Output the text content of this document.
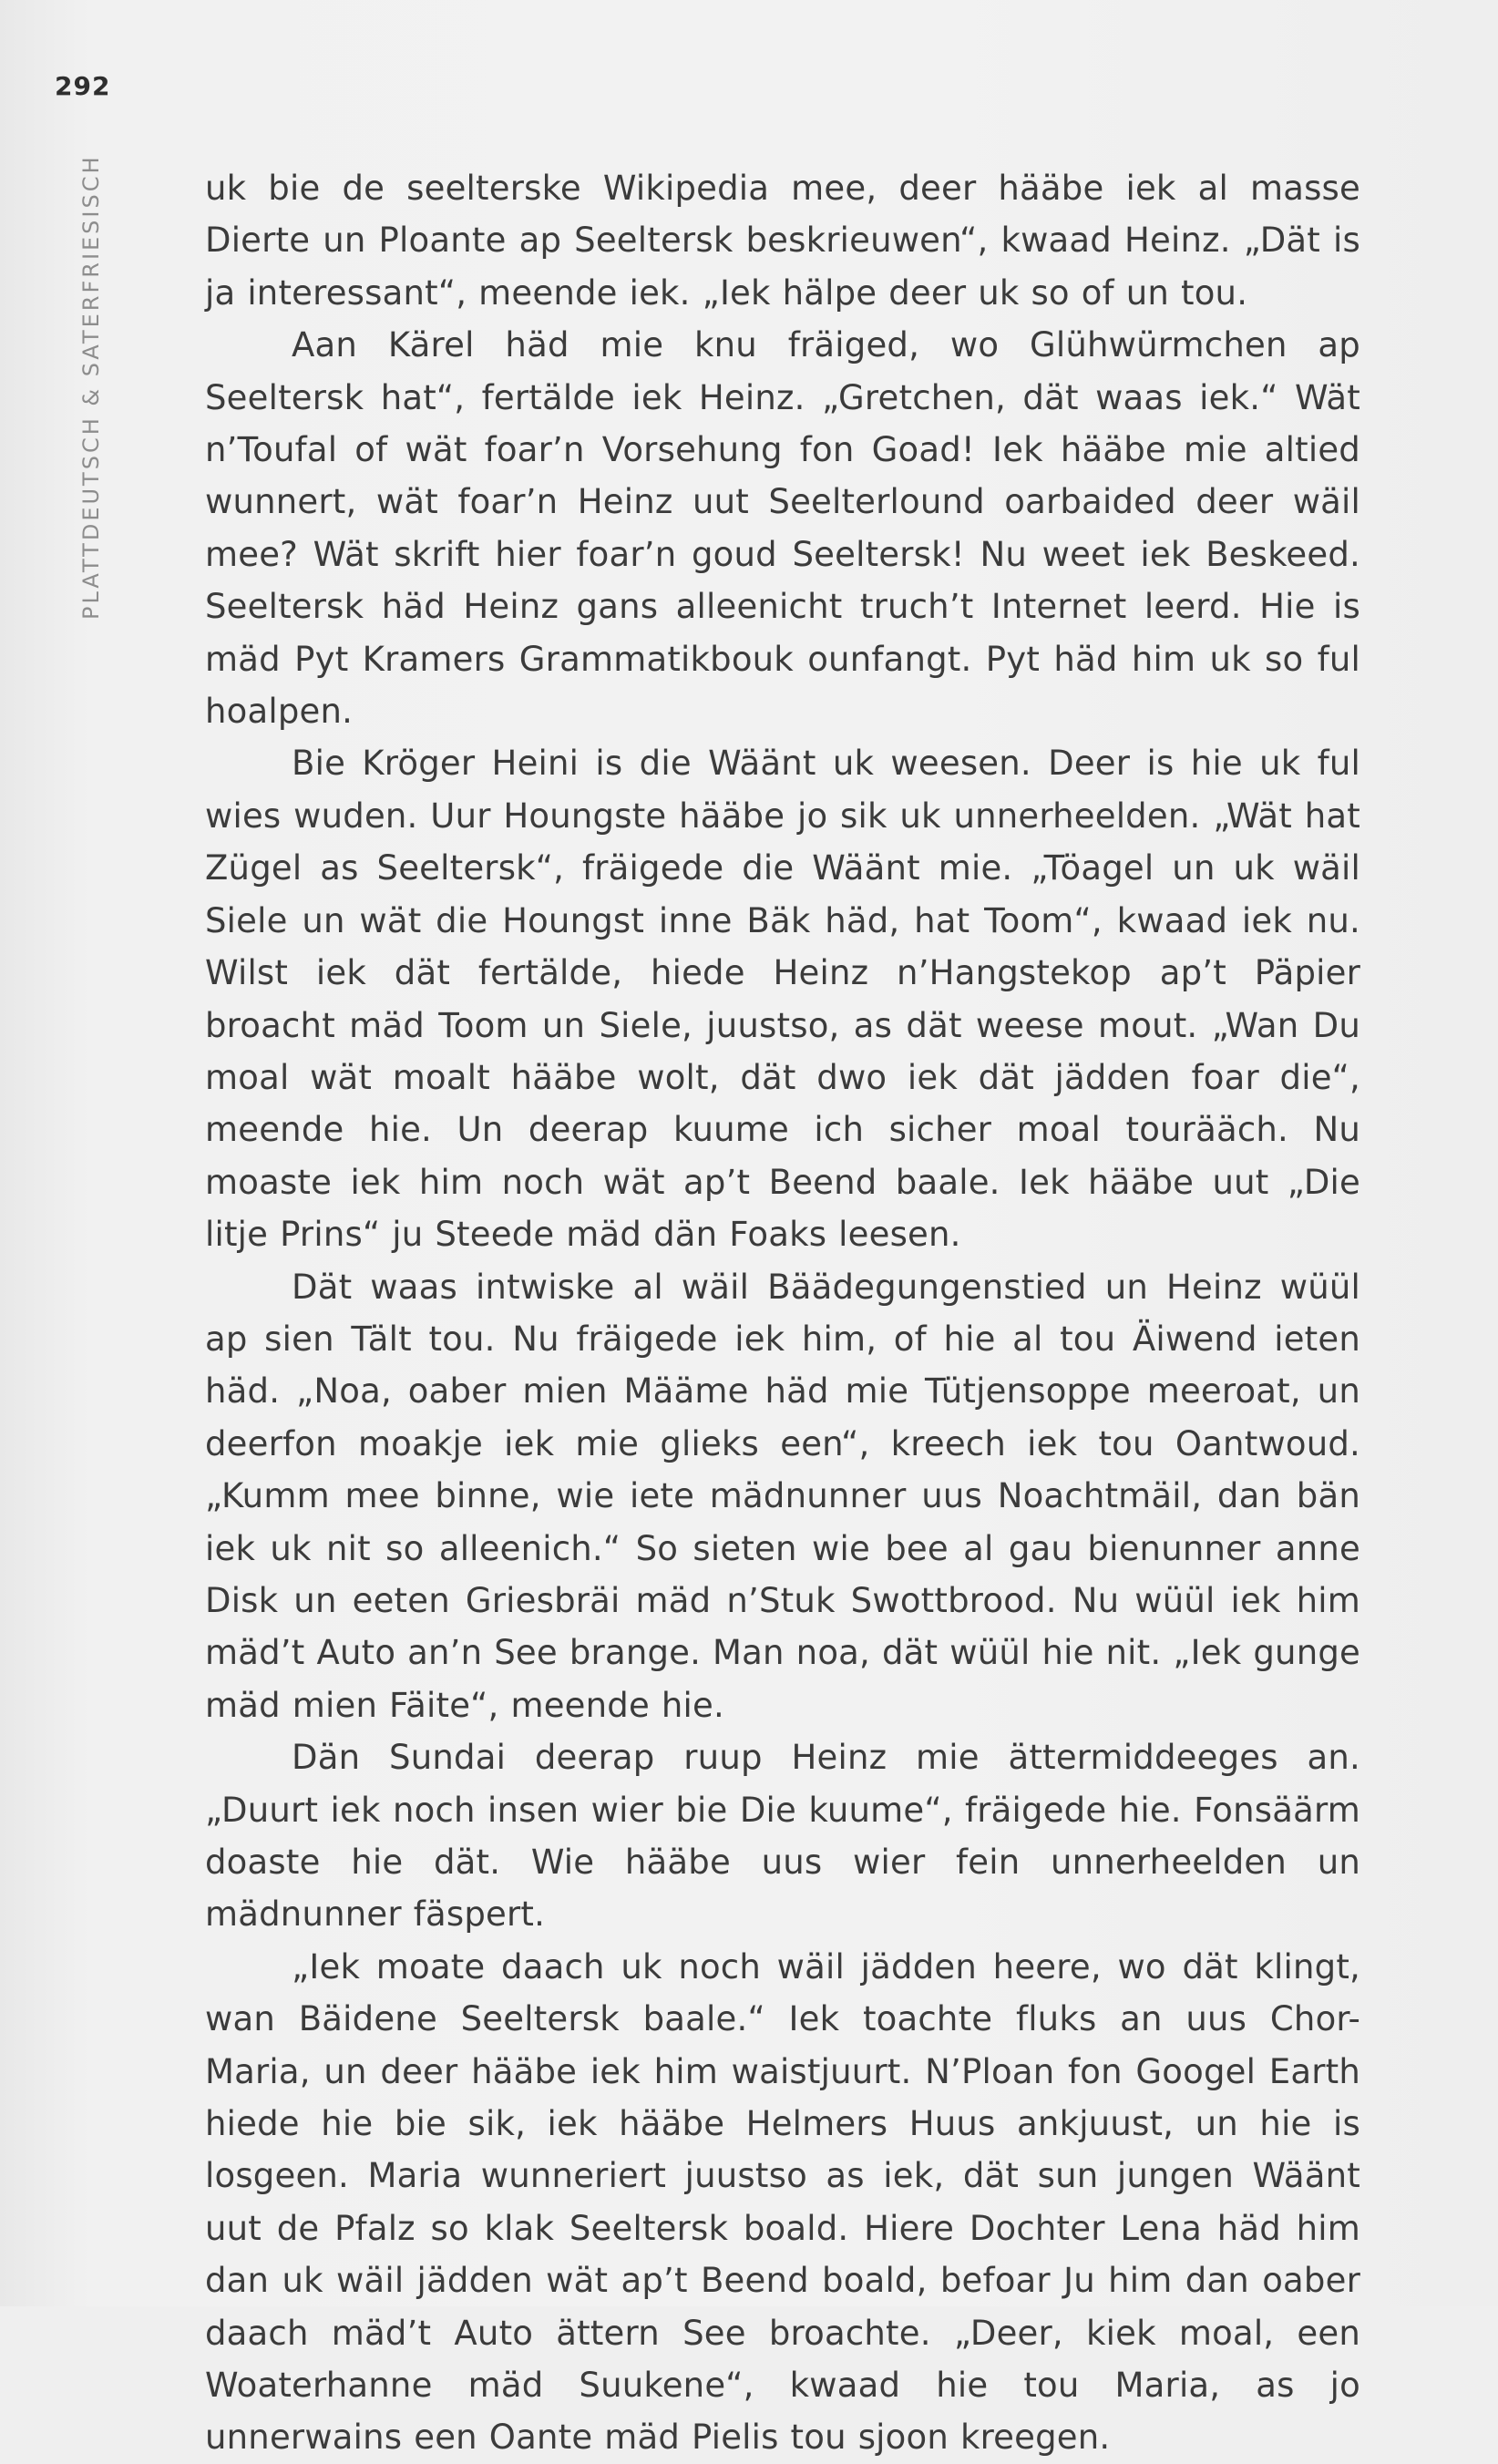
292
PLATTDEUTSCH & SATERFRIESISCH	uk bie de seelterske Wikipedia mee, deer hääbe iek al masse Dierte un Ploante ap Seeltersk beskrieuwen“, kwaad Heinz. „Dät is ja interessant“, meende iek. „Iek hälpe deer uk so of un tou.

Aan Kärel häd mie knu fräiged, wo Glühwürmchen ap Seeltersk hat“, fertälde iek Heinz. „Gretchen, dät waas iek.“ Wät n’Toufal of wät foar’n Vorsehung fon Goad! Iek hääbe mie altied wunnert, wät foar’n Heinz uut Seelterlound oarbaided deer wäil mee? Wät skrift hier foar’n goud Seeltersk! Nu weet iek Beskeed. Seeltersk häd Heinz gans alleenicht truch’t Internet leerd. Hie is mäd Pyt Kramers Grammatikbouk ounfangt. Pyt häd him uk so ful hoalpen.

Bie Kröger Heini is die Wäänt uk weesen. Deer is hie uk ful wies wuden. Uur Houngste hääbe jo sik uk unnerheelden. „Wät hat Zügel as Seeltersk“, fräigede die Wäänt mie. „Töagel un uk wäil Siele un wät die Houngst inne Bäk häd, hat Toom“, kwaad iek nu. Wilst iek dät fertälde, hiede Heinz n’Hangstekop ap’t Päpier broacht mäd Toom un Siele, juustso, as dät weese mout. „Wan Du moal wät moalt hääbe wolt, dät dwo iek dät jädden foar die“, meende hie. Un deerap kuume ich sicher moal tourääch. Nu moaste iek him noch wät ap’t Beend baale. Iek hääbe uut „Die litje Prins“ ju Steede mäd dän Foaks leesen.

Dät waas intwiske al wäil Bäädegungenstied un Heinz wüül ap sien Tält tou. Nu fräigede iek him, of hie al tou Äiwend ieten häd. „Noa, oaber mien Määme häd mie Tütjensoppe meeroat, un deerfon moakje iek mie glieks een“, kreech iek tou Oantwoud. „Kumm mee binne, wie iete mädnunner uus Noachtmäil, dan bän iek uk nit so alleenich.“ So sieten wie bee al gau bienunner anne Disk un eeten Griesbräi mäd n’Stuk Swottbrood. Nu wüül iek him mäd’t Auto an’n See brange. Man noa, dät wüül hie nit. „Iek gunge mäd mien Fäite“, meende hie.

Dän Sundai deerap ruup Heinz mie ättermiddeeges an. „Duurt iek noch insen wier bie Die kuume“, fräigede hie. Fonsäärm doaste hie dät. Wie hääbe uus wier fein unnerheelden un mädnunner fäspert.

„Iek moate daach uk noch wäil jädden heere, wo dät klingt, wan Bäidene Seeltersk baale.“ Iek toachte fluks an uus Chor-Maria, un deer hääbe iek him waistjuurt. N’Ploan fon Googel Earth hiede hie bie sik, iek hääbe Helmers Huus ankjuust, un hie is losgeen. Maria wunneriert juustso as iek, dät sun jungen Wäänt uut de Pfalz so klak Seeltersk boald. Hiere Dochter Lena häd him dan uk wäil jädden wät ap’t Beend boald, befoar Ju him dan oaber daach mäd’t Auto ättern See broachte. „Deer, kiek moal, een Woaterhanne mäd Suukene“, kwaad hie tou Maria, as jo unnerwains een Oante mäd Pielis tou sjoon kreegen.
